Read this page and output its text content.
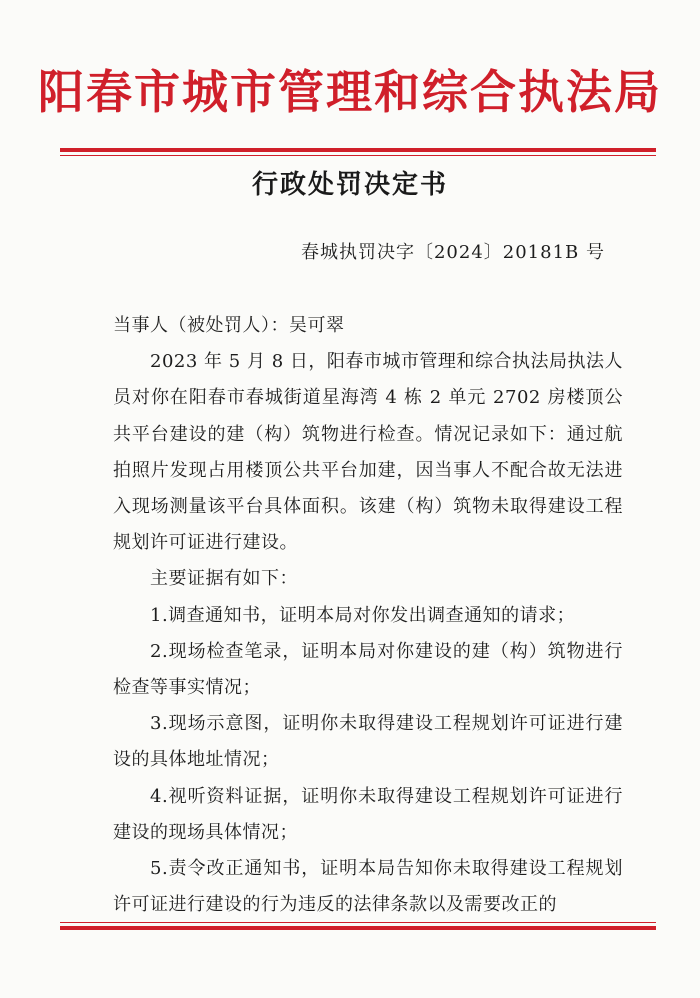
阳春市城市管理和综合执法局
行政处罚决定书
春城执罚决字〔2024〕20181B 号

当事人（被处罚人）：吴可翠

2023 年 5 月 8 日，阳春市城市管理和综合执法局执法人员对你在阳春市春城街道星海湾 4 栋 2 单元 2702 房楼顶公共平台建设的建（构）筑物进行检查。情况记录如下：通过航拍照片发现占用楼顶公共平台加建，因当事人不配合故无法进入现场测量该平台具体面积。该建（构）筑物未取得建设工程规划许可证进行建设。

主要证据有如下：

1.调查通知书，证明本局对你发出调查通知的请求；

2.现场检查笔录，证明本局对你建设的建（构）筑物进行检查等事实情况；

3.现场示意图，证明你未取得建设工程规划许可证进行建设的具体地址情况；

4.视听资料证据，证明你未取得建设工程规划许可证进行建设的现场具体情况；

5.责令改正通知书，证明本局告知你未取得建设工程规划许可证进行建设的行为违反的法律条款以及需要改正的
